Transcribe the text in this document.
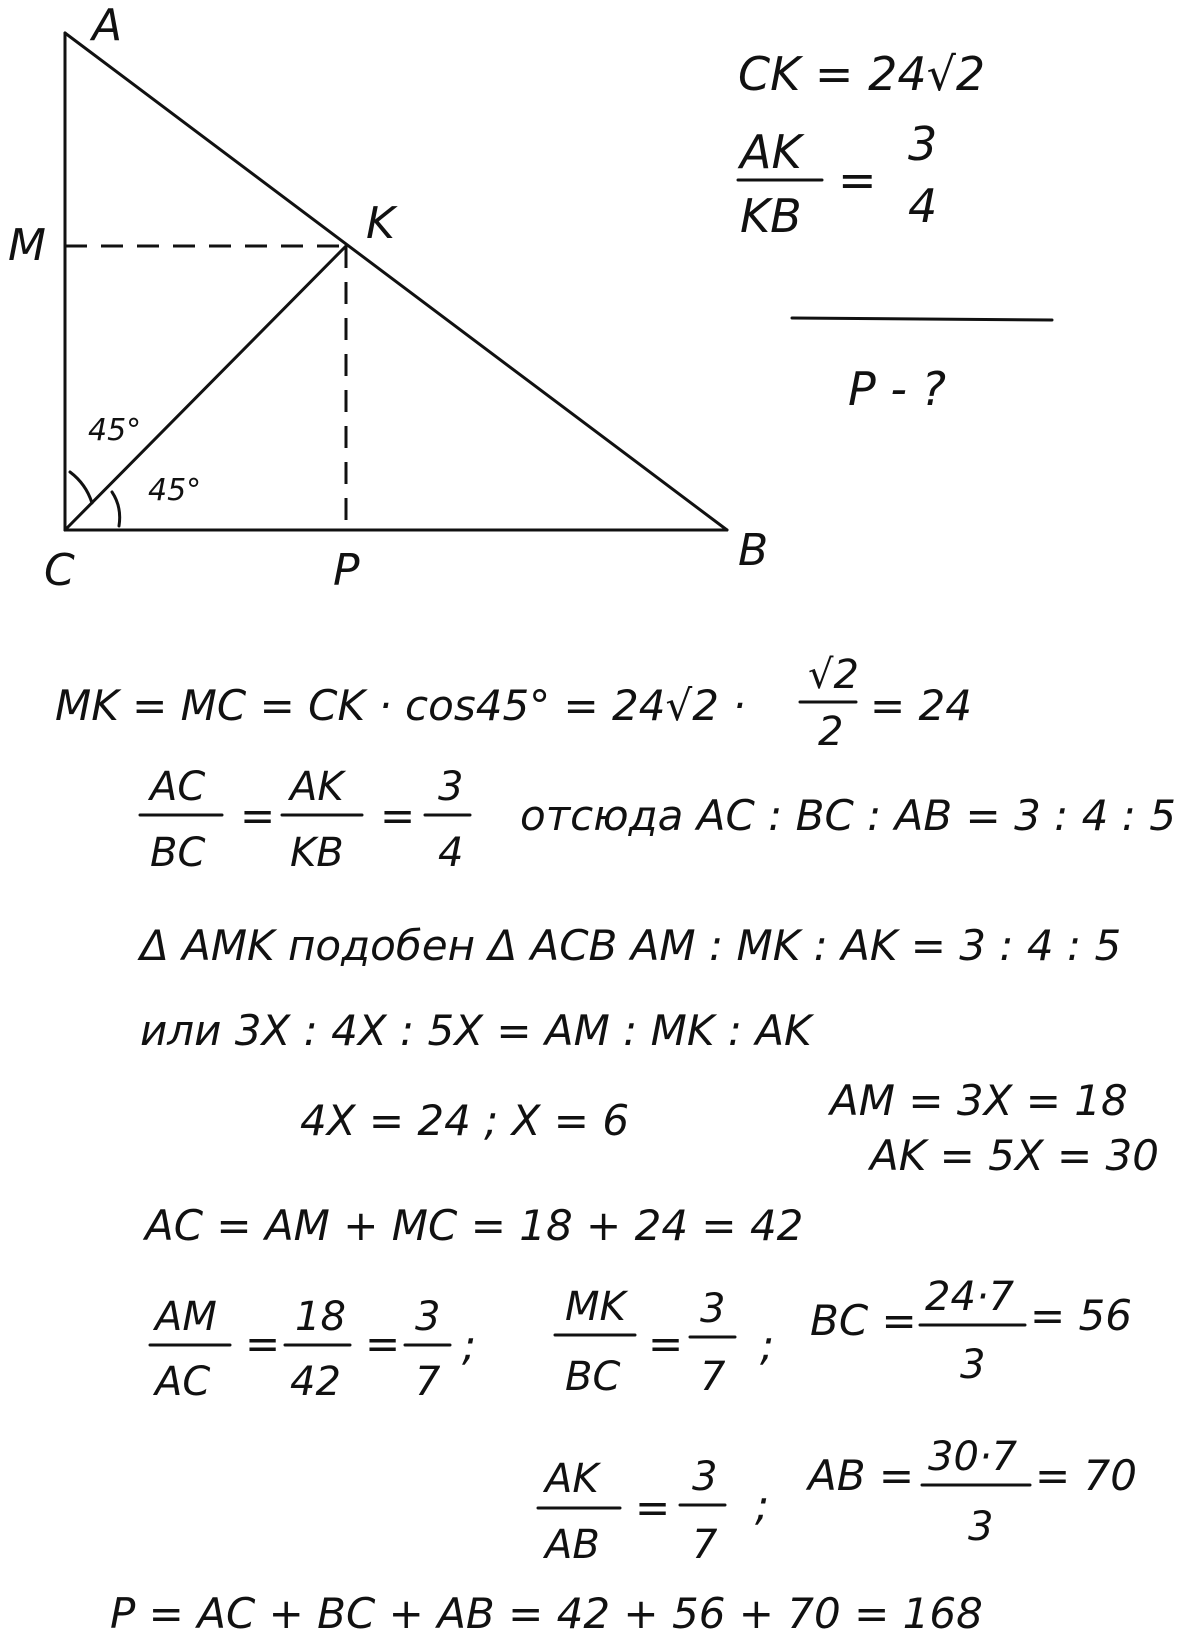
A
M	K
C	P	B
45°
45°
CK = 24√2
AK
KB
=
3
4
P - ?
MK = MC = CK · cos45° = 24√2 ·
√2
2
= 24
AC
BC
=
AK
KB
=
3
4
отсюда AC : BC : AB = 3 : 4 : 5
Δ AMK подобен Δ ACB AM : MK : AK = 3 : 4 : 5
или 3X : 4X : 5X = AM : MK : AK
4X = 24 ; X = 6	AM = 3X = 18
AK = 5X = 30
AC = AM + MC = 18 + 24 = 42
AM
AC
=
18
42
=
3
7
;
MK
BC
=
3
7
;
BC = 24·7
3
= 56
AK
AB
=
3
7
;
AB = 30·7
3
= 70
P = AC + BC + AB = 42 + 56 + 70 = 168
